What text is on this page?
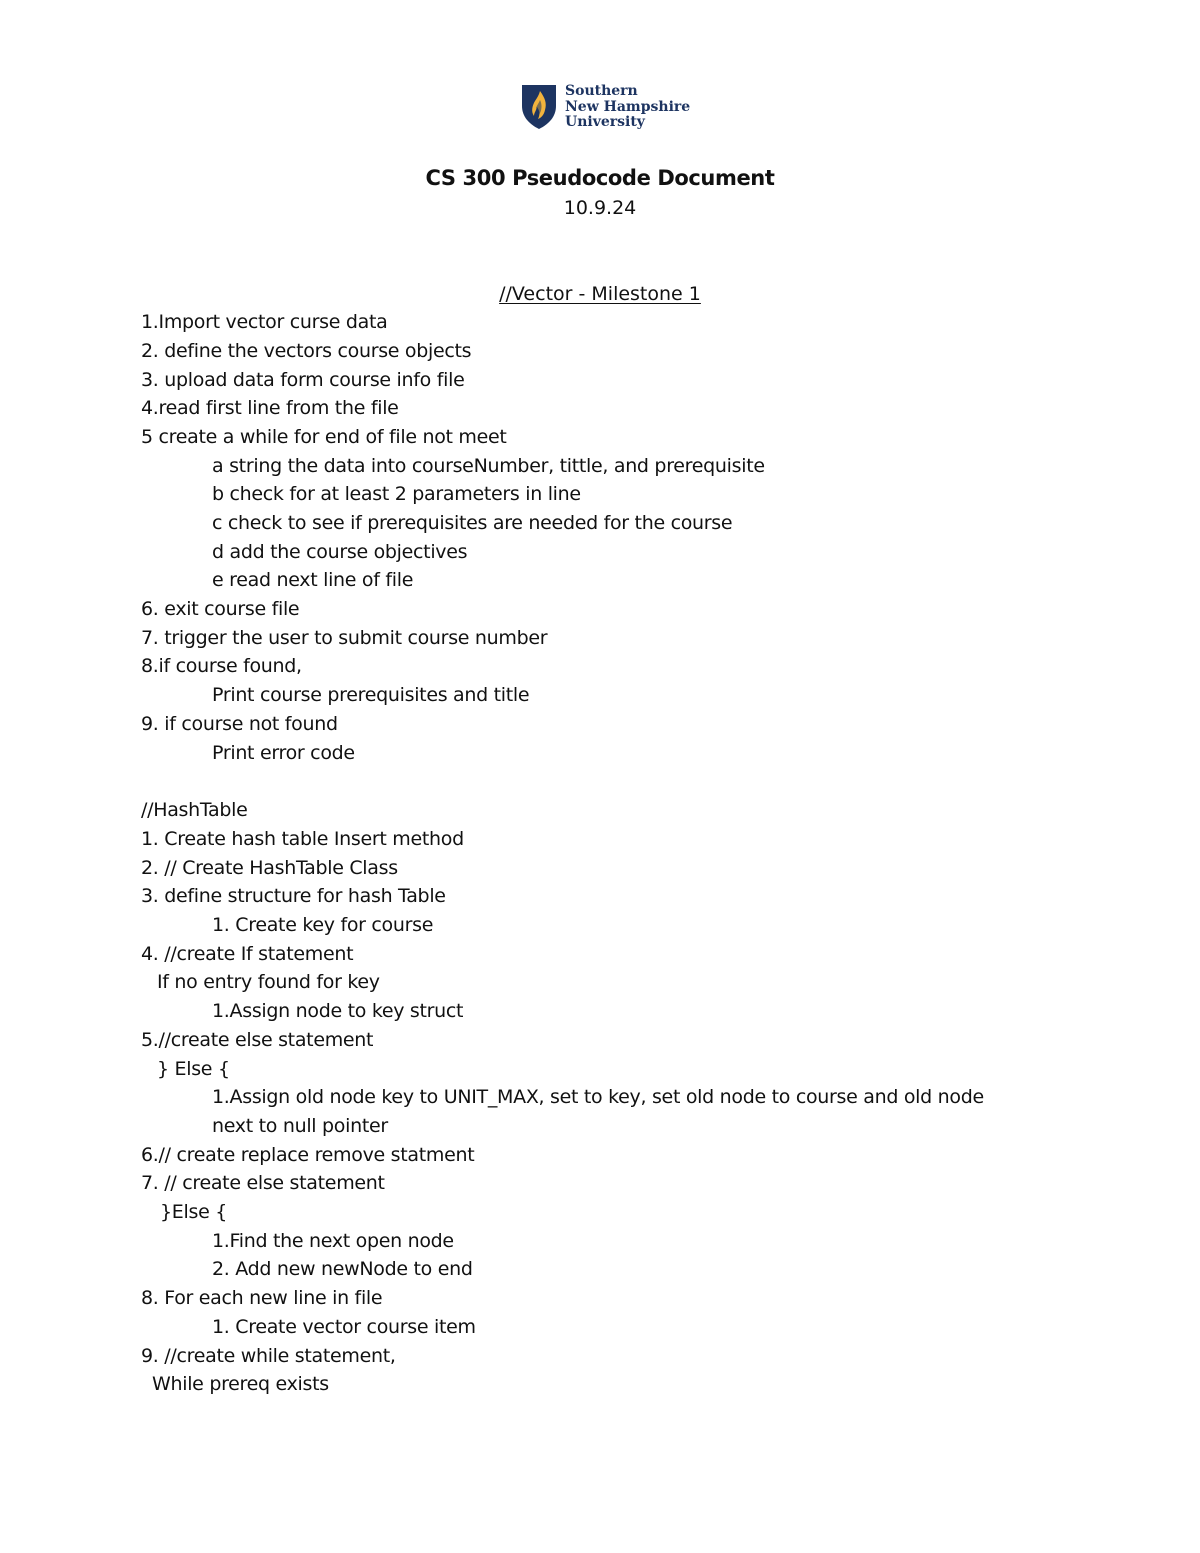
Southern
New Hampshire
University
CS 300 Pseudocode Document
10.9.24
//Vector - Milestone 1
1.Import vector curse data
2. define the vectors course objects
3. upload data form course info file
4.read first line from the file
5 create a while for end of file not meet
a string the data into courseNumber, tittle, and prerequisite
b check for at least 2 parameters in line
c check to see if prerequisites are needed for the course
d add the course objectives
e read next line of file
6. exit course file
7. trigger the user to submit course number
8.if course found,
Print course prerequisites and title
9. if course not found
Print error code
//HashTable
1. Create hash table Insert method
2. // Create HashTable Class
3. define structure for hash Table
1. Create key for course
4. //create If statement
If no entry found for key
1.Assign node to key struct
5.//create else statement
} Else {
1.Assign old node key to UNIT_MAX, set to key, set old node to course and old node
next to null pointer
6.// create replace remove statment
7. // create else statement
}Else {
1.Find the next open node
2. Add new newNode to end
8. For each new line in file
1. Create vector course item
9. //create while statement,
While prereq exists
